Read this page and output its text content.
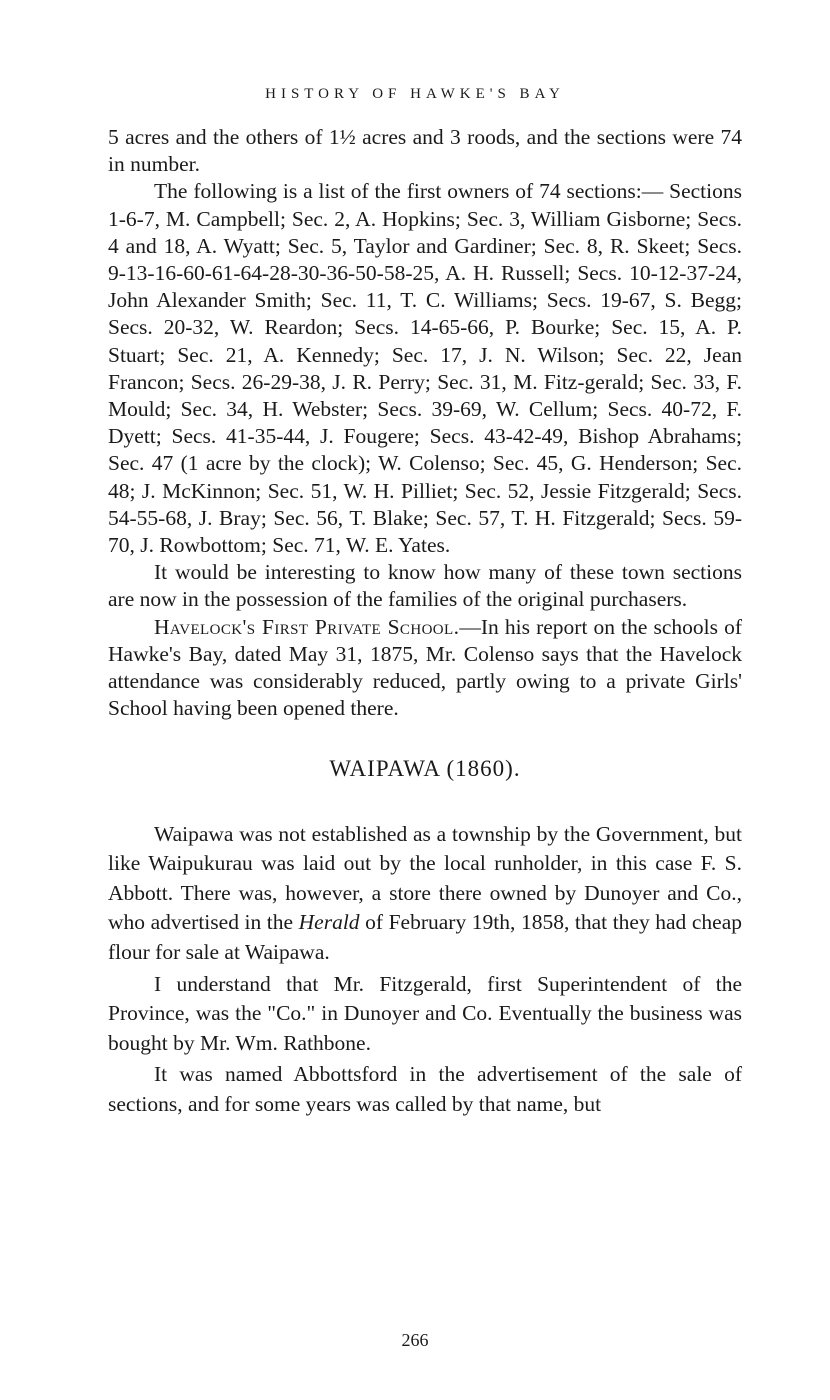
HISTORY OF HAWKE'S BAY

5 acres and the others of 1½ acres and 3 roods, and the sections were 74 in number.

The following is a list of the first owners of 74 sections:— Sections 1-6-7, M. Campbell; Sec. 2, A. Hopkins; Sec. 3, William Gisborne; Secs. 4 and 18, A. Wyatt; Sec. 5, Taylor and Gardiner; Sec. 8, R. Skeet; Secs. 9-13-16-60-61-64-28-30-36-50-58-25, A. H. Russell; Secs. 10-12-37-24, John Alexander Smith; Sec. 11, T. C. Williams; Secs. 19-67, S. Begg; Secs. 20-32, W. Reardon; Secs. 14-65-66, P. Bourke; Sec. 15, A. P. Stuart; Sec. 21, A. Kennedy; Sec. 17, J. N. Wilson; Sec. 22, Jean Francon; Secs. 26-29-38, J. R. Perry; Sec. 31, M. Fitz-gerald; Sec. 33, F. Mould; Sec. 34, H. Webster; Secs. 39-69, W. Cellum; Secs. 40-72, F. Dyett; Secs. 41-35-44, J. Fougere; Secs. 43-42-49, Bishop Abrahams; Sec. 47 (1 acre by the clock); W. Colenso; Sec. 45, G. Henderson; Sec. 48; J. McKinnon; Sec. 51, W. H. Pilliet; Sec. 52, Jessie Fitzgerald; Secs. 54-55-68, J. Bray; Sec. 56, T. Blake; Sec. 57, T. H. Fitzgerald; Secs. 59-70, J. Rowbottom; Sec. 71, W. E. Yates.

It would be interesting to know how many of these town sections are now in the possession of the families of the original purchasers.

Havelock's First Private School.—In his report on the schools of Hawke's Bay, dated May 31, 1875, Mr. Colenso says that the Havelock attendance was considerably reduced, partly owing to a private Girls' School having been opened there.

WAIPAWA (1860).

Waipawa was not established as a township by the Government, but like Waipukurau was laid out by the local runholder, in this case F. S. Abbott. There was, however, a store there owned by Dunoyer and Co., who advertised in the Herald of February 19th, 1858, that they had cheap flour for sale at Waipawa.

I understand that Mr. Fitzgerald, first Superintendent of the Province, was the "Co." in Dunoyer and Co. Eventually the business was bought by Mr. Wm. Rathbone.

It was named Abbottsford in the advertisement of the sale of sections, and for some years was called by that name, but

266
